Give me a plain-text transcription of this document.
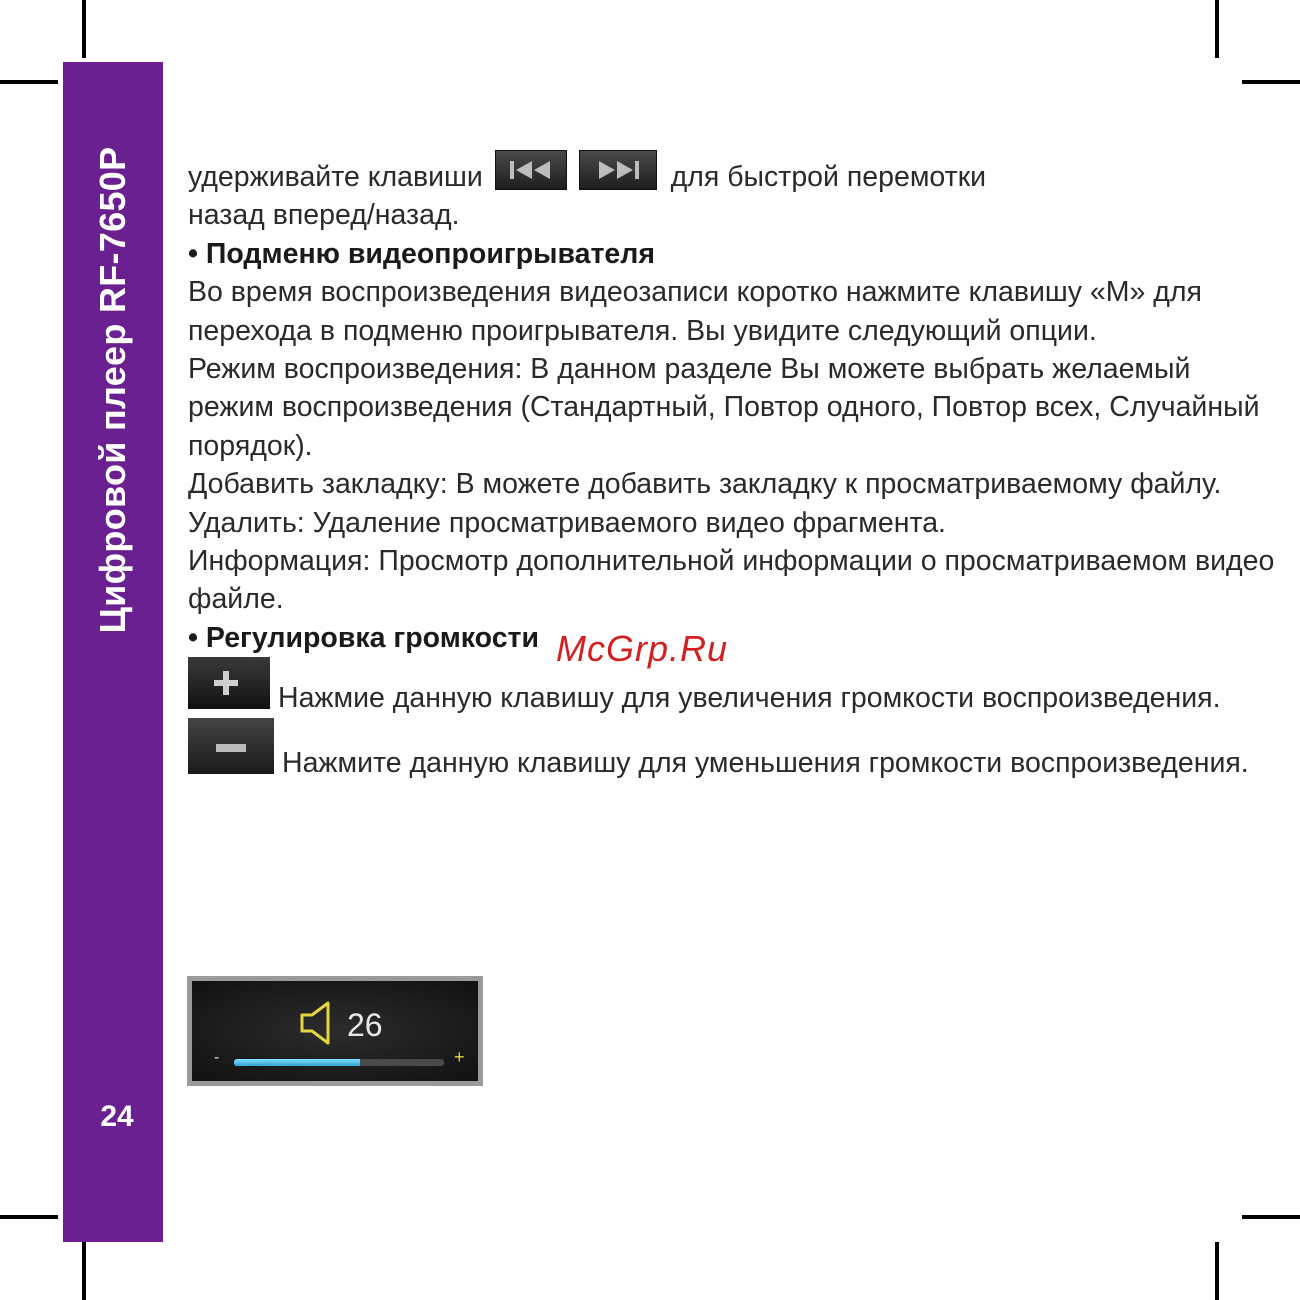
Цифровой плеер RF-7650P
24

удерживайте клавиши
	для быстрой перемотки

назад вперед/назад.

• Подменю видеопроигрывателя

Во время воспроизведения видеозаписи коротко нажмите клавишу «М» для перехода в подменю проигрывателя. Вы увидите следующий опции.

Режим воспроизведения: В данном разделе Вы можете выбрать желаемый режим воспроизведения (Стандартный, Повтор одного, Повтор всех, Случайный порядок).

Добавить закладку: В можете добавить закладку к просматриваемому файлу.

Удалить: Удаление просматриваемого видео фрагмента.

Информация: Просмотр дополнительной информации о просматриваемом видео файле.

• Регулировка громкости

Нажмие данную клавишу для увеличения громкости воспроизведения.

Нажмите данную клавишу для уменьшения громкости воспроизведения.

26
-	+
McGrp.Ru
